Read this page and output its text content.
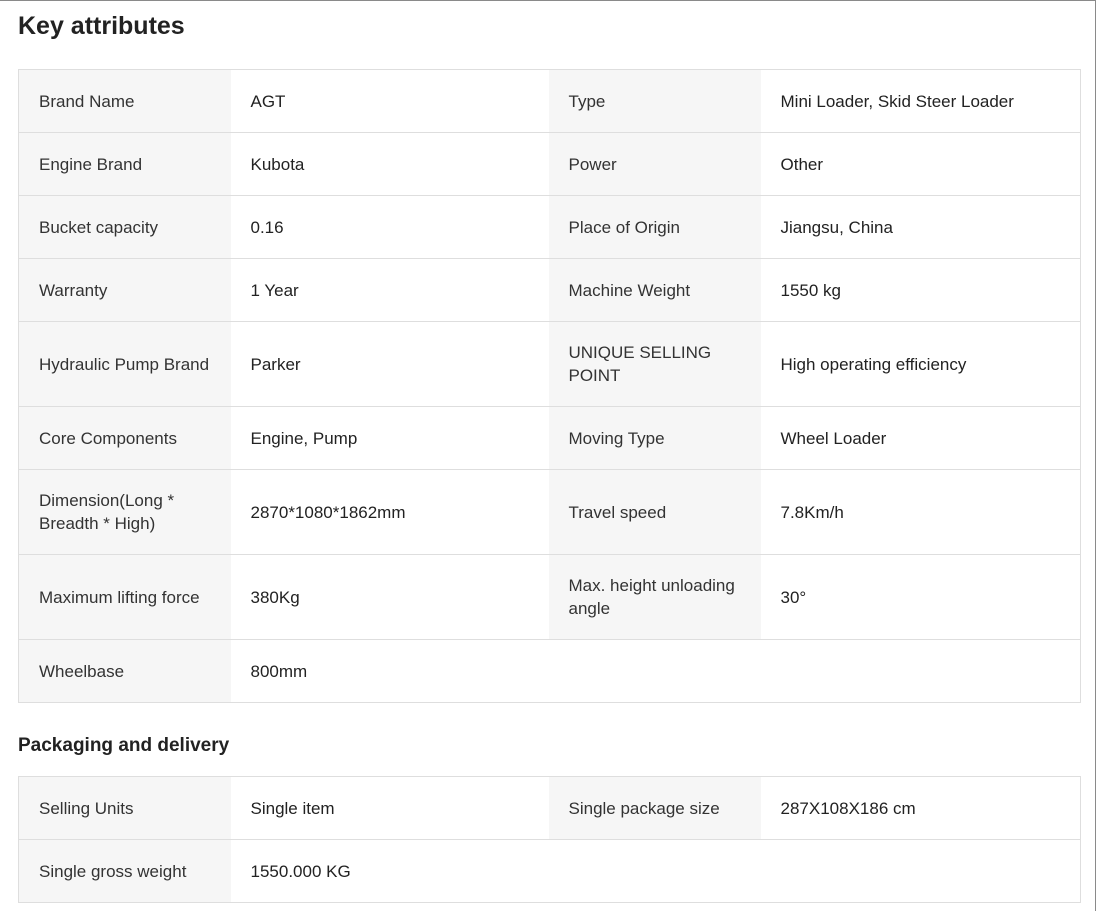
Key attributes
Brand Name	AGT	Type	Mini Loader, Skid Steer Loader
Engine Brand	Kubota	Power	Other
Bucket capacity	0.16	Place of Origin	Jiangsu, China
Warranty	1 Year	Machine Weight	1550 kg
Hydraulic Pump Brand	Parker	UNIQUE SELLING POINT	High operating efficiency
Core Components	Engine, Pump	Moving Type	Wheel Loader
Dimension(Long * Breadth * High)	2870*1080*1862mm	Travel speed	7.8Km/h
Maximum lifting force	380Kg	Max. height unloading angle	30°
Wheelbase	800mm		
Packaging and delivery
Selling Units	Single item	Single package size	287X108X186 cm
Single gross weight	1550.000 KG		
